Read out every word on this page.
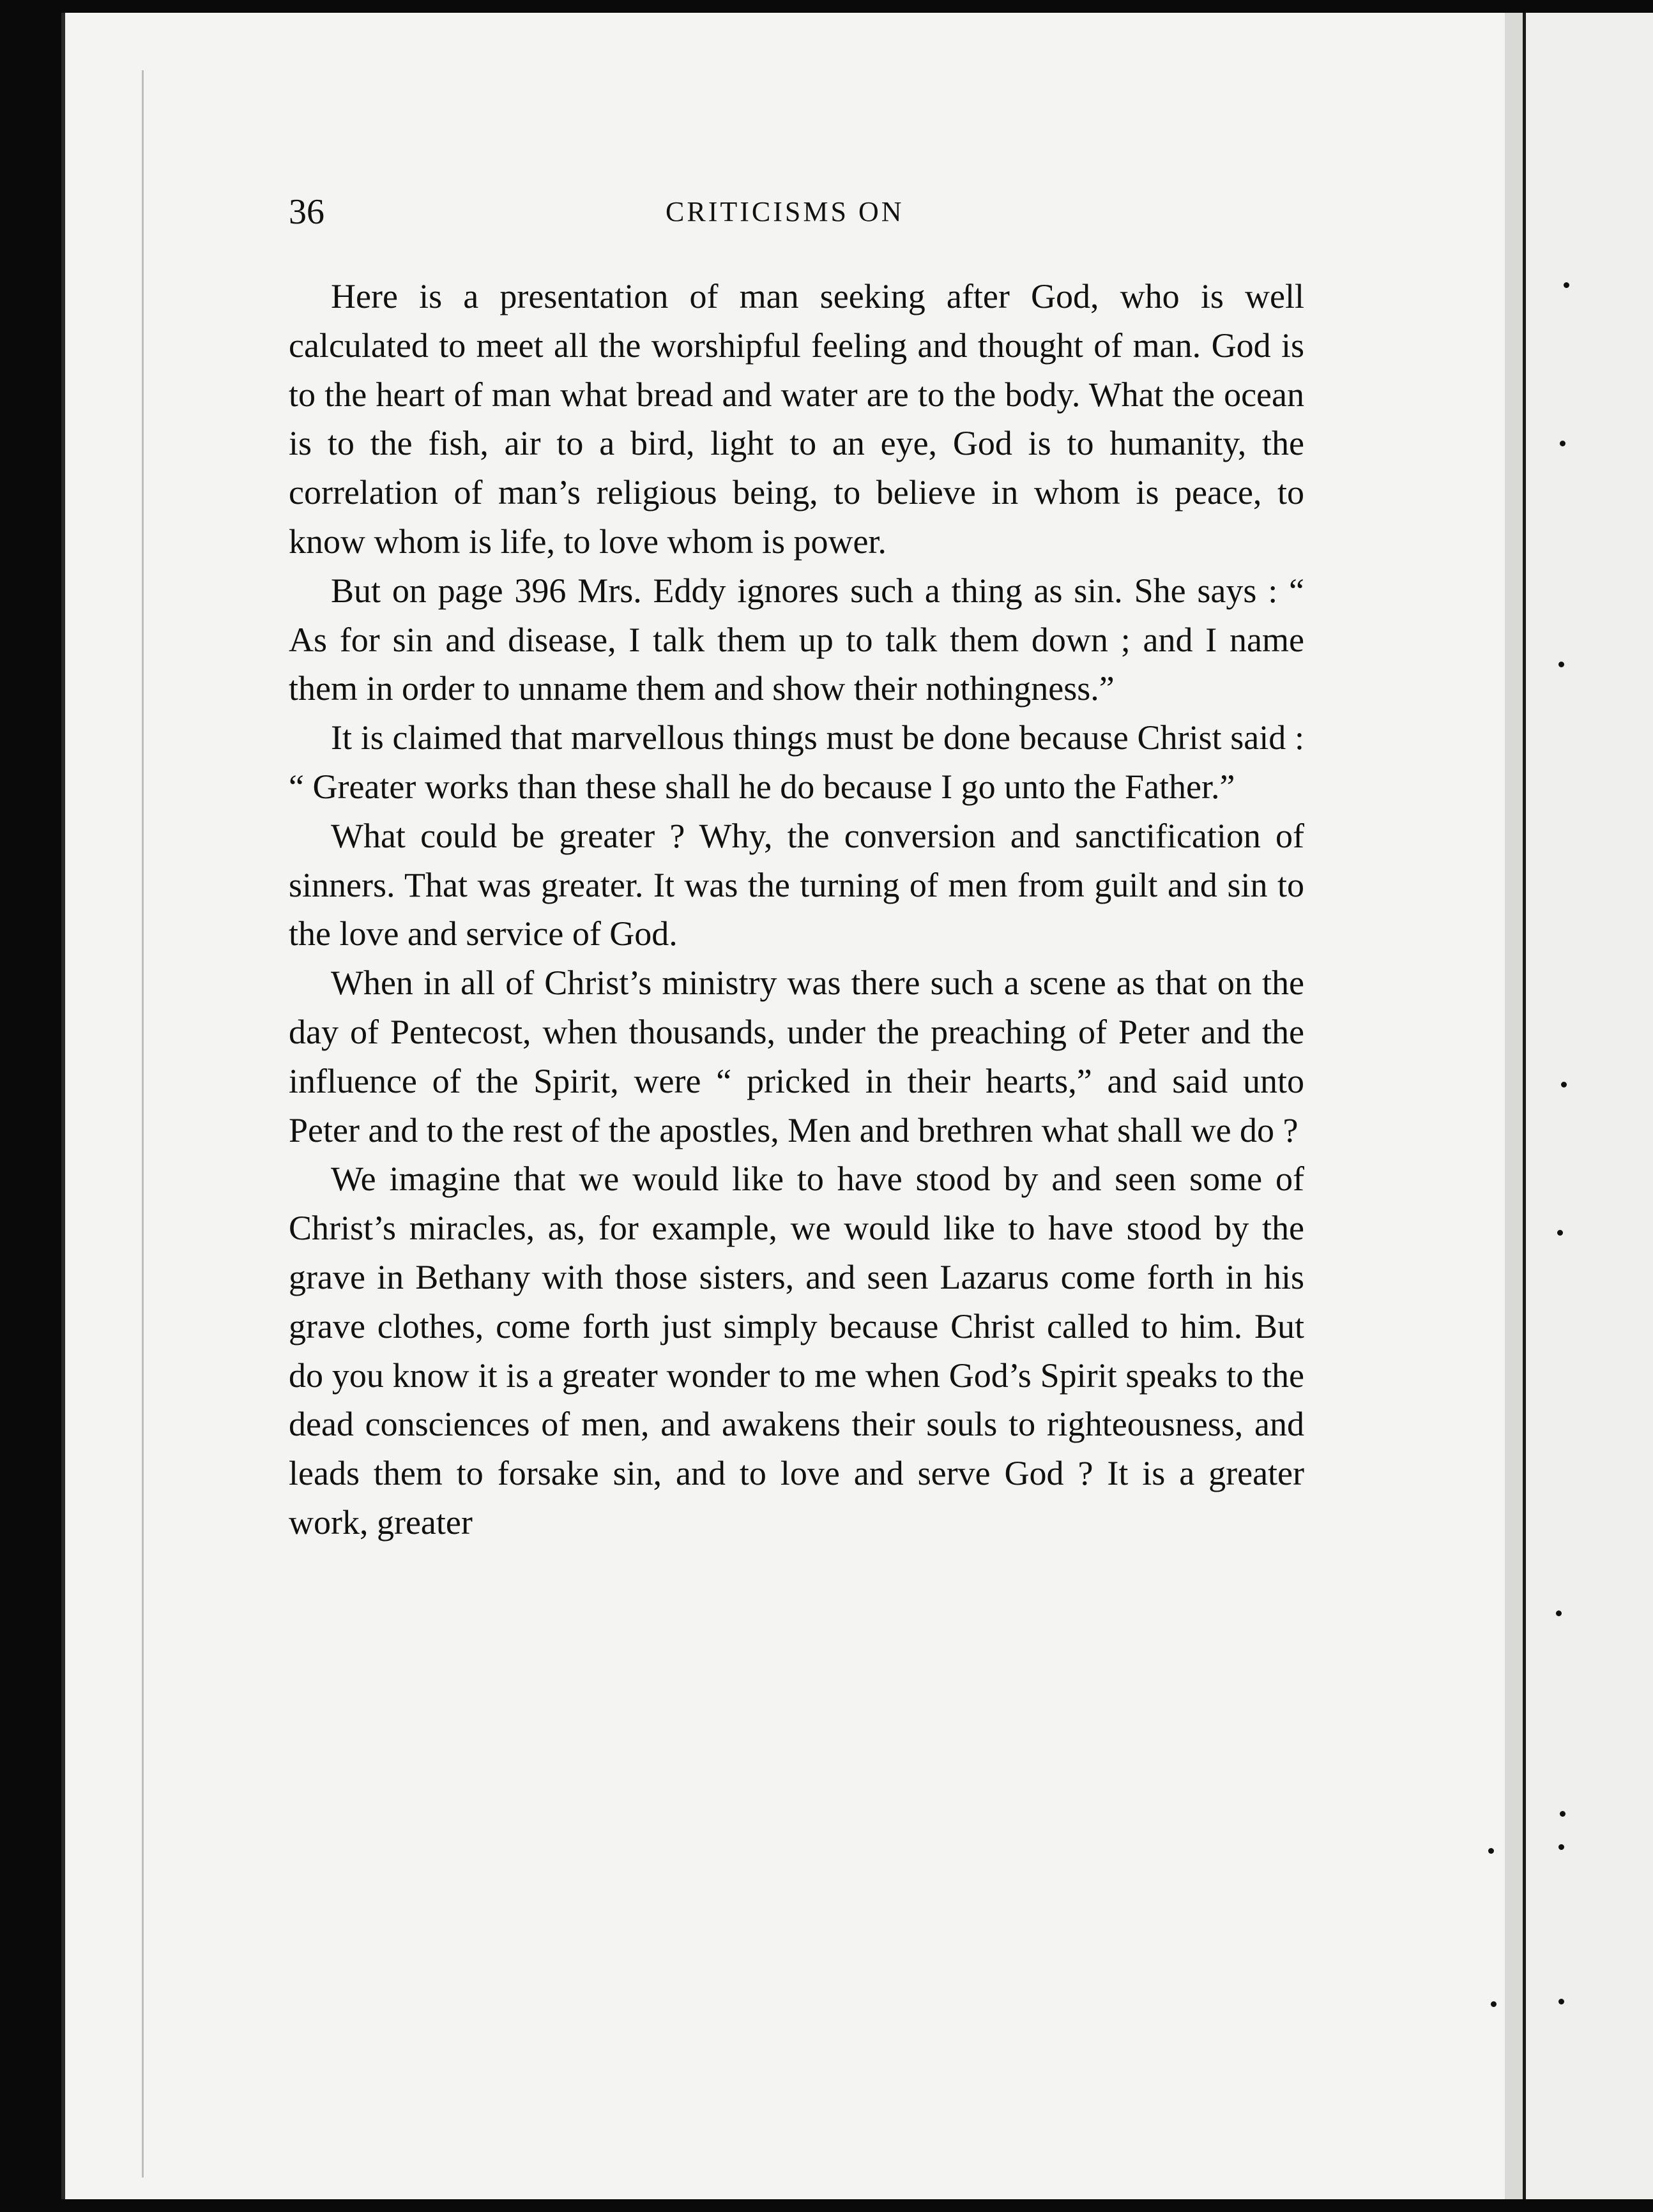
36	CRITICISMS ON

Here is a presentation of man seeking after God, who is well calculated to meet all the worshipful feeling and thought of man. God is to the heart of man what bread and water are to the body. What the ocean is to the fish, air to a bird, light to an eye, God is to humanity, the correlation of man’s religious being, to believe in whom is peace, to know whom is life, to love whom is power.

But on page 396 Mrs. Eddy ignores such a thing as sin. She says : “ As for sin and disease, I talk them up to talk them down ; and I name them in order to unname them and show their nothingness.”

It is claimed that marvellous things must be done because Christ said : “ Greater works than these shall he do because I go unto the Father.”

What could be greater ? Why, the conversion and sanctification of sinners. That was greater. It was the turning of men from guilt and sin to the love and service of God.

When in all of Christ’s ministry was there such a scene as that on the day of Pentecost, when thousands, under the preaching of Peter and the influence of the Spirit, were “ pricked in their hearts,” and said unto Peter and to the rest of the apostles, Men and brethren what shall we do ?

We imagine that we would like to have stood by and seen some of Christ’s miracles, as, for example, we would like to have stood by the grave in Bethany with those sisters, and seen Lazarus come forth in his grave clothes, come forth just simply because Christ called to him. But do you know it is a greater wonder to me when God’s Spirit speaks to the dead consciences of men, and awakens their souls to righteousness, and leads them to forsake sin, and to love and serve God ? It is a greater work, greater
